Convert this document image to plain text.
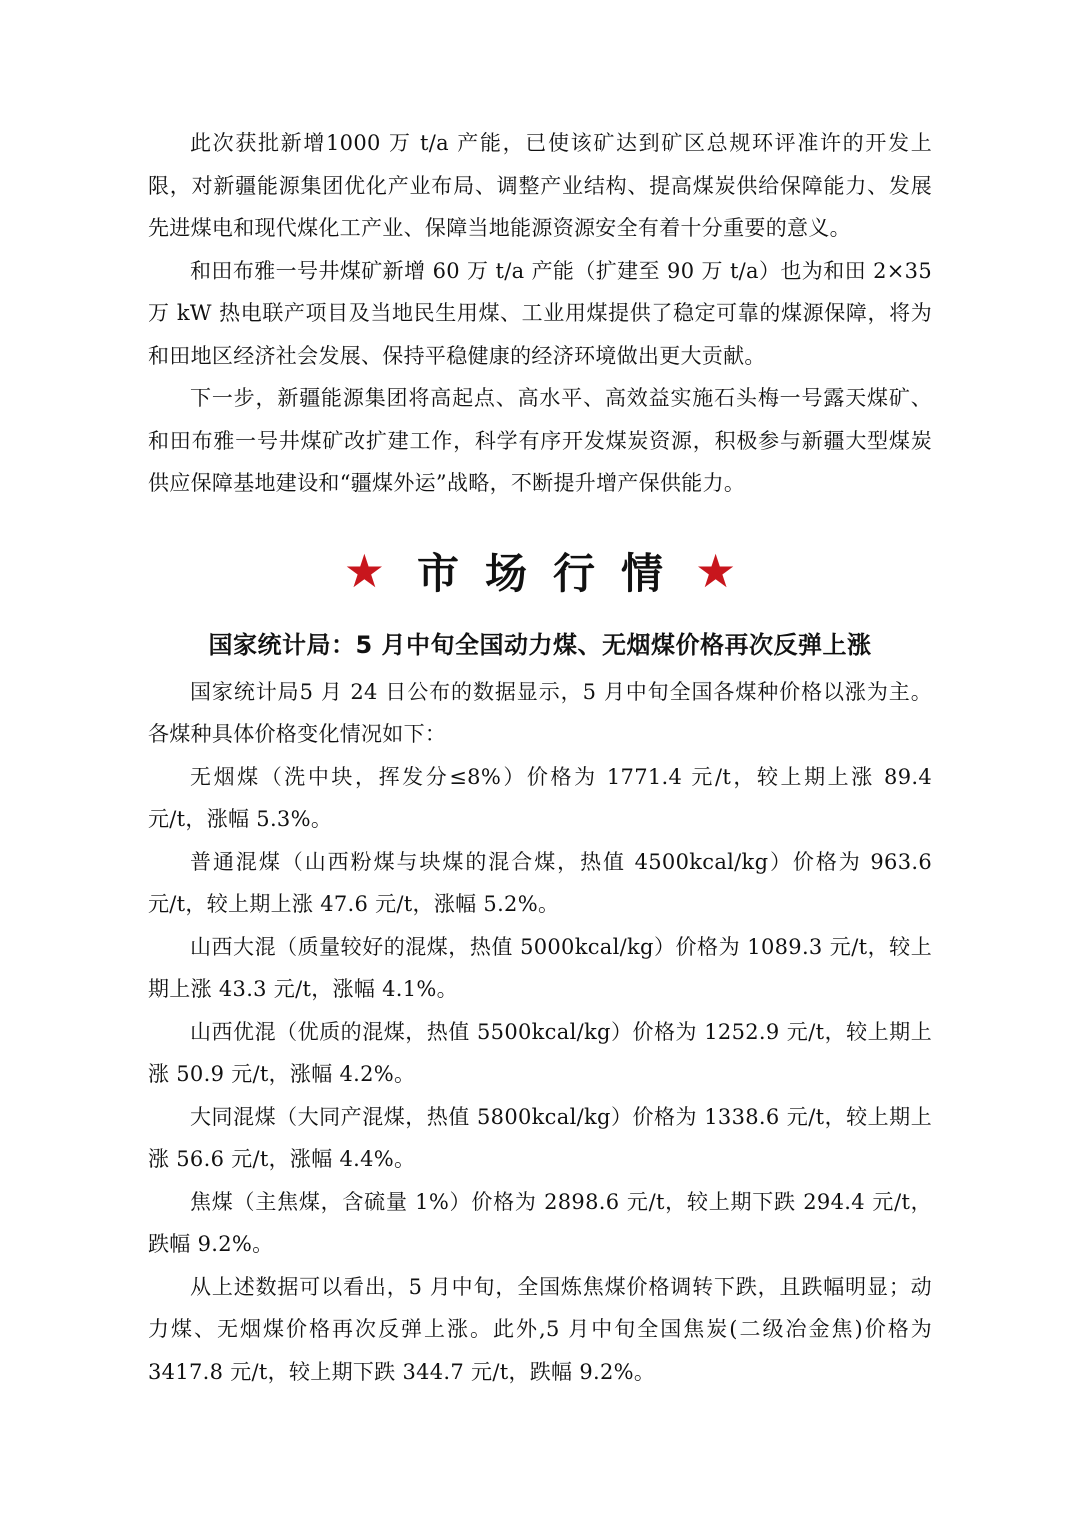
此次获批新增1000 万 t/a 产能，已使该矿达到矿区总规环评准许的开发上限，对新疆能源集团优化产业布局、调整产业结构、提高煤炭供给保障能力、发展先进煤电和现代煤化工产业、保障当地能源资源安全有着十分重要的意义。

和田布雅一号井煤矿新增 60 万 t/a 产能（扩建至 90 万 t/a）也为和田 2×35 万 kW 热电联产项目及当地民生用煤、工业用煤提供了稳定可靠的煤源保障，将为和田地区经济社会发展、保持平稳健康的经济环境做出更大贡献。

下一步，新疆能源集团将高起点、高水平、高效益实施石头梅一号露天煤矿、和田布雅一号井煤矿改扩建工作，科学有序开发煤炭资源，积极参与新疆大型煤炭供应保障基地建设和“疆煤外运”战略，不断提升增产保供能力。

★ 市场行情 ★
国家统计局：5 月中旬全国动力煤、无烟煤价格再次反弹上涨

国家统计局5 月 24 日公布的数据显示，5 月中旬全国各煤种价格以涨为主。各煤种具体价格变化情况如下：

无烟煤（洗中块，挥发分≤8%）价格为 1771.4 元/t，较上期上涨 89.4 元/t，涨幅 5.3%。

普通混煤（山西粉煤与块煤的混合煤，热值 4500kcal/kg）价格为 963.6 元/t，较上期上涨 47.6 元/t，涨幅 5.2%。

山西大混（质量较好的混煤，热值 5000kcal/kg）价格为 1089.3 元/t，较上期上涨 43.3 元/t，涨幅 4.1%。

山西优混（优质的混煤，热值 5500kcal/kg）价格为 1252.9 元/t，较上期上涨 50.9 元/t，涨幅 4.2%。

大同混煤（大同产混煤，热值 5800kcal/kg）价格为 1338.6 元/t，较上期上涨 56.6 元/t，涨幅 4.4%。

焦煤（主焦煤，含硫量 1%）价格为 2898.6 元/t，较上期下跌 294.4 元/t，跌幅 9.2%。

从上述数据可以看出，5 月中旬，全国炼焦煤价格调转下跌，且跌幅明显；动力煤、无烟煤价格再次反弹上涨。此外,5 月中旬全国焦炭(二级冶金焦)价格为 3417.8 元/t，较上期下跌 344.7 元/t，跌幅 9.2%。
